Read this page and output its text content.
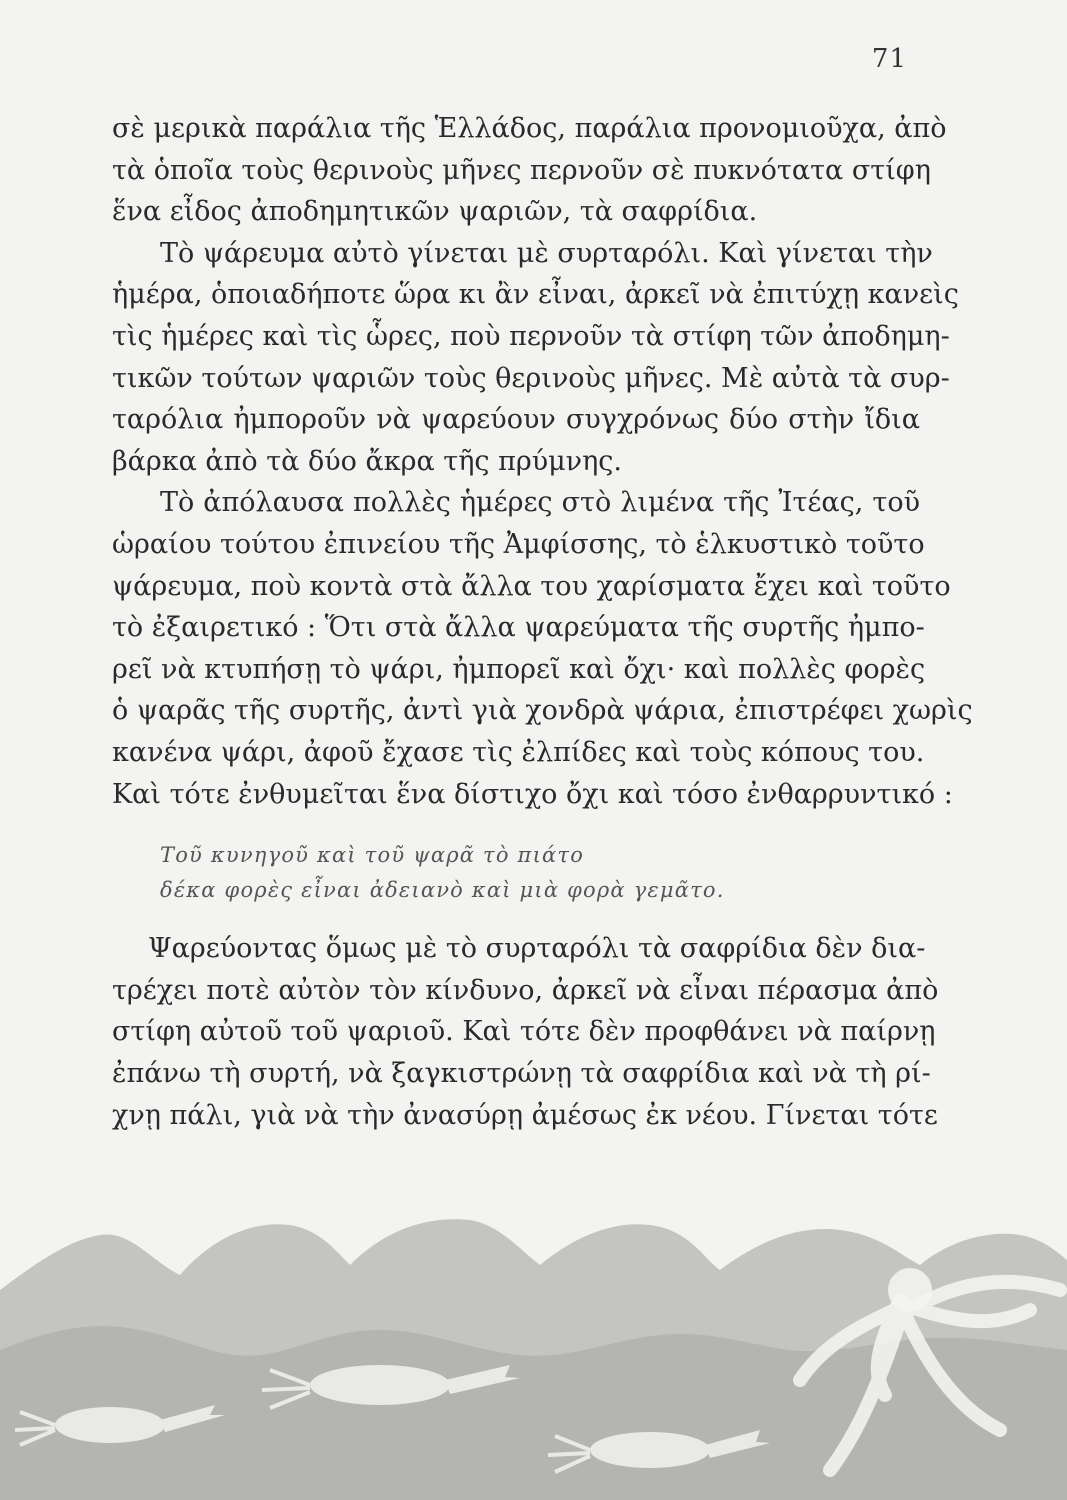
71
σὲ μερικὰ παράλια τῆς Ἑλλάδος, παράλια προνομιοῦχα, ἀπὸ
τὰ ὁποῖα τοὺς θερινοὺς μῆνες περνοῦν σὲ πυκνότατα στίφη
ἕνα εἶδος ἀποδημητικῶν ψαριῶν, τὰ σαφρίδια.
Τὸ ψάρευμα αὐτὸ γίνεται μὲ συρταρόλι. Καὶ γίνεται τὴν
ἡμέρα, ὁποιαδήποτε ὥρα κι ἂν εἶναι, ἀρκεῖ νὰ ἐπιτύχῃ κανεὶς
τὶς ἡμέρες καὶ τὶς ὧρες, ποὺ περνοῦν τὰ στίφη τῶν ἀποδημη-
τικῶν τούτων ψαριῶν τοὺς θερινοὺς μῆνες. Μὲ αὐτὰ τὰ συρ-
ταρόλια ἠμποροῦν νὰ ψαρεύουν συγχρόνως δύο στὴν ἴδια
βάρκα ἀπὸ τὰ δύο ἄκρα τῆς πρύμνης.
Τὸ ἀπόλαυσα πολλὲς ἡμέρες στὸ λιμένα τῆς Ἰτέας, τοῦ
ὡραίου τούτου ἐπινείου τῆς Ἀμφίσσης, τὸ ἑλκυστικὸ τοῦτο
ψάρευμα, ποὺ κοντὰ στὰ ἄλλα του χαρίσματα ἔχει καὶ τοῦτο
τὸ ἐξαιρετικό : Ὅτι στὰ ἄλλα ψαρεύματα τῆς συρτῆς ἠμπο-
ρεῖ νὰ κτυπήσῃ τὸ ψάρι, ἠμπορεῖ καὶ ὄχι· καὶ πολλὲς φορὲς
ὁ ψαρᾶς τῆς συρτῆς, ἀντὶ γιὰ χονδρὰ ψάρια, ἐπιστρέφει χωρὶς
κανένα ψάρι, ἀφοῦ ἔχασε τὶς ἐλπίδες καὶ τοὺς κόπους του.
Καὶ τότε ἐνθυμεῖται ἕνα δίστιχο ὄχι καὶ τόσο ἐνθαρρυντικό :
Τοῦ κυνηγοῦ καὶ τοῦ ψαρᾶ τὸ πιάτο
δέκα φορὲς εἶναι ἀδειανὸ καὶ μιὰ φορὰ γεμᾶτο.
Ψαρεύοντας ὅμως μὲ τὸ συρταρόλι τὰ σαφρίδια δὲν δια-
τρέχει ποτὲ αὐτὸν τὸν κίνδυνο, ἀρκεῖ νὰ εἶναι πέρασμα ἀπὸ
στίφη αὐτοῦ τοῦ ψαριοῦ. Καὶ τότε δὲν προφθάνει νὰ παίρνῃ
ἐπάνω τὴ συρτή, νὰ ξαγκιστρώνῃ τὰ σαφρίδια καὶ νὰ τὴ ρί-
χνῃ πάλι, γιὰ νὰ τὴν ἀνασύρῃ ἀμέσως ἐκ νέου. Γίνεται τότε
